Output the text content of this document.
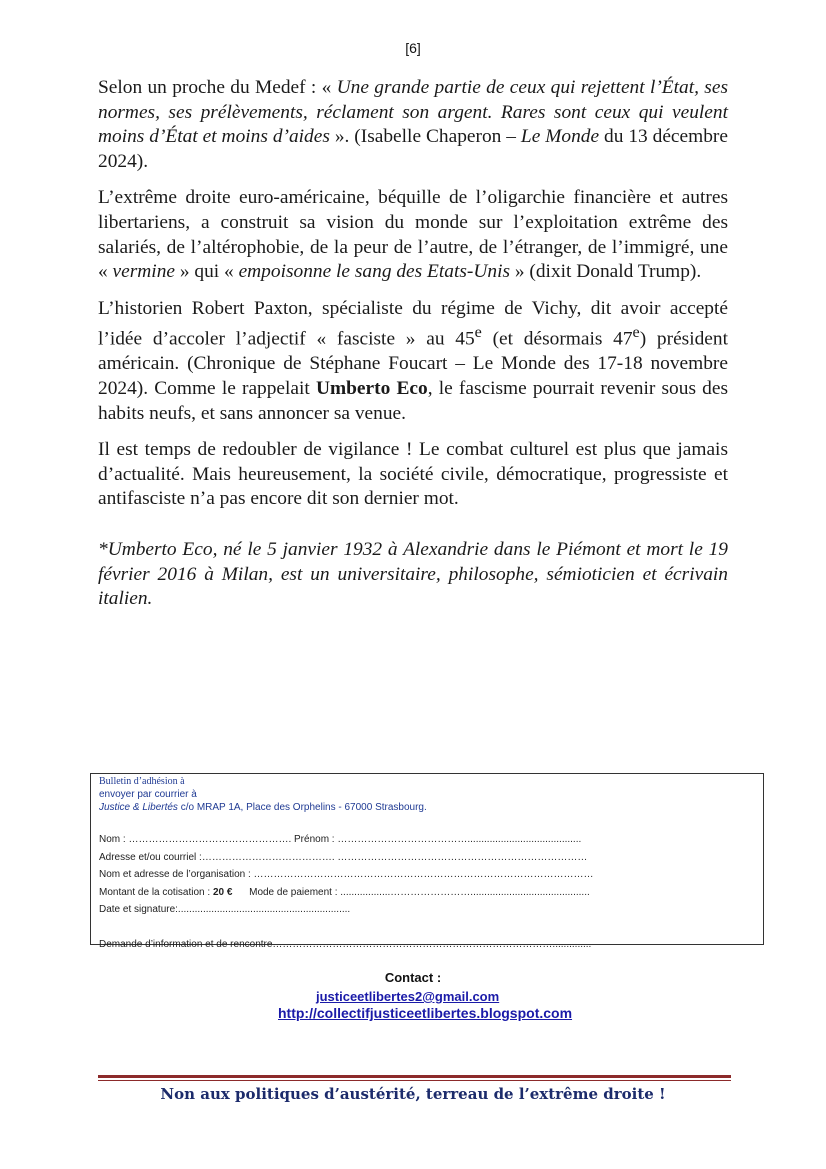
[6]

Selon un proche du Medef : « Une grande partie de ceux qui rejettent l’État, ses normes, ses prélèvements, réclament son argent. Rares sont ceux qui veulent moins d’État et moins d’aides ». (Isabelle Chaperon – Le Monde du 13 décembre 2024).

L’extrême droite euro-américaine, béquille de l’oligarchie financière et autres libertariens, a construit sa vision du monde sur l’exploitation extrême des salariés, de l’altérophobie, de la peur de l’autre, de l’étranger, de l’immigré, une « vermine » qui « empoisonne le sang des Etats-Unis » (dixit Donald Trump).

L’historien Robert Paxton, spécialiste du régime de Vichy, dit avoir accepté l’idée d’accoler l’adjectif « fasciste » au 45e (et désormais 47e) président américain. (Chronique de Stéphane Foucart – Le Monde des 17-18 novembre 2024). Comme le rappelait Umberto Eco, le fascisme pourrait revenir sous des habits neufs, et sans annoncer sa venue.

Il est temps de redoubler de vigilance ! Le combat culturel est plus que jamais d’actualité. Mais heureusement, la société civile, démocratique, progressiste et antifasciste n’a pas encore dit son dernier mot.

*Umberto Eco, né le 5 janvier 1932 à Alexandrie dans le Piémont et mort le 19 février 2016 à Milan, est un universitaire, philosophe, sémioticien et écrivain italien.

Bulletin d’adhésion à
envoyer par courrier à
Justice & Libertés c/o MRAP 1A, Place des Orphelins - 67000 Strasbourg.
Nom : …………………………………………. Prénom : ………………………………….........................................
Adresse et/ou courriel :…………………………………. …………………………………………………………………
Nom et adresse de l’organisation : …………………………………………………………………………………………
Montant de la cotisation : 20 €      Mode de paiement : ..................……………………...........................................
Date et signature:..............................................................
Demande d’information et de rencontre…………………………………………………………………………..............
Contact :
justiceetlibertes2@gmail.com
http://collectifjusticeetlibertes.blogspot.com
Non aux politiques d’austérité, terreau de l’extrême droite !
